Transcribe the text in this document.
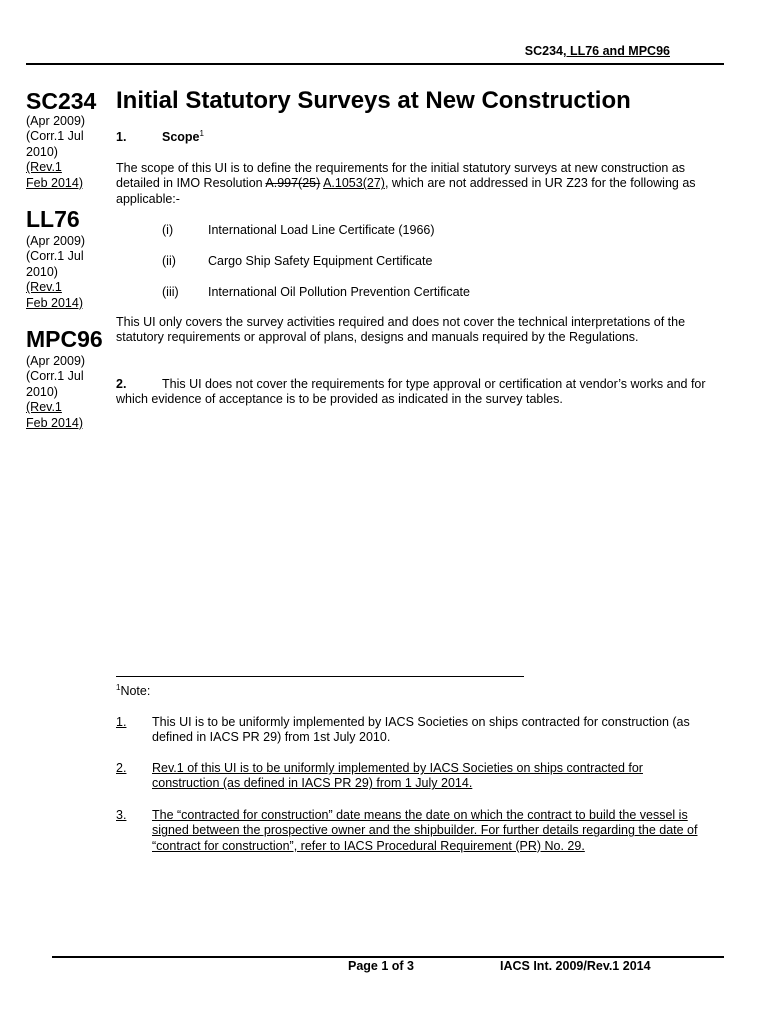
SC234, LL76 and MPC96
SC234
(Apr 2009)
(Corr.1 Jul
2010)
(Rev.1
Feb 2014)
LL76
(Apr 2009)
(Corr.1 Jul
2010)
(Rev.1
Feb 2014)
MPC96
(Apr 2009)
(Corr.1 Jul
2010)
(Rev.1
Feb 2014)
Initial Statutory Surveys at New Construction
1.	Scope$^1$
The scope of this UI is to define the requirements for the initial statutory surveys at new construction as detailed in IMO Resolution A.997(25) A.1053(27), which are not addressed in UR Z23 for the following as applicable:-
(i)	International Load Line Certificate (1966)
(ii)	Cargo Ship Safety Equipment Certificate
(iii) International Oil Pollution Prevention Certificate
This UI only covers the survey activities required and does not cover the technical interpretations of the statutory requirements or approval of plans, designs and manuals required by the Regulations.
2.	This UI does not cover the requirements for type approval or certification at vendor’s works and for which evidence of acceptance is to be provided as indicated in the survey tables.
$^1$Note:
1. This UI is to be uniformly implemented by IACS Societies on ships contracted for construction (as defined in IACS PR 29) from 1st July 2010.
2. Rev.1 of this UI is to be uniformly implemented by IACS Societies on ships contracted for construction (as defined in IACS PR 29) from 1 July 2014.
3. The “contracted for construction” date means the date on which the contract to build the vessel is signed between the prospective owner and the shipbuilder. For further details regarding the date of “contract for construction”, refer to IACS Procedural Requirement (PR) No. 29.
Page 1 of 3	IACS Int. 2009/Rev.1 2014
